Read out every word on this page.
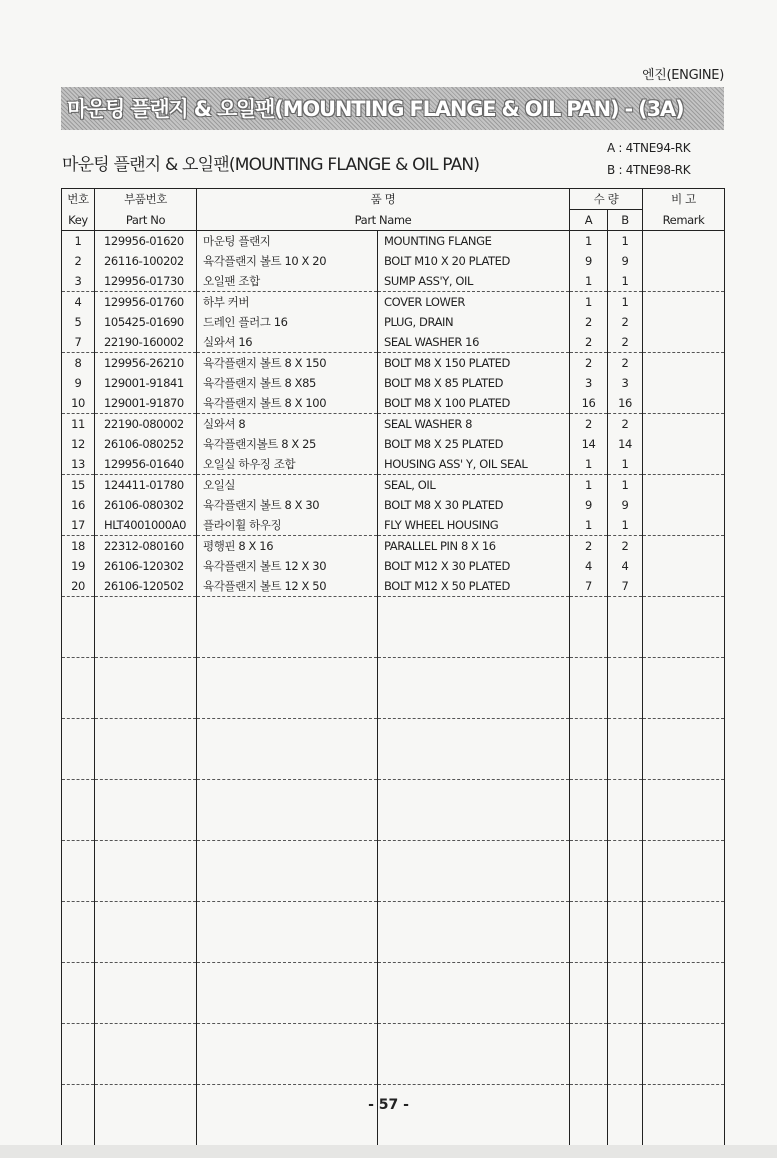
엔진(ENGINE)
마운팅 플랜지 & 오일팬(MOUNTING FLANGE & OIL PAN) - (3A)
마운팅 플랜지 & 오일팬(MOUNTING FLANGE & OIL PAN)
A : 4TNE94-RK
B : 4TNE98-RK
번호	부품번호	품 명		수 량		비 고
Key	Part No	Part Name		A	B	Remark
1	129956-01620	마운팅 플랜지	MOUNTING FLANGE	1	1	
2	26116-100202	육각플랜지 볼트 10 X 20	BOLT M10 X 20 PLATED	9	9	
3	129956-01730	오일팬 조합	SUMP ASS'Y, OIL	1	1	
4	129956-01760	하부 커버	COVER LOWER	1	1	
5	105425-01690	드레인 플러그 16	PLUG, DRAIN	2	2	
7	22190-160002	실와셔 16	SEAL WASHER 16	2	2	
8	129956-26210	육각플랜지 볼트 8 X 150	BOLT M8 X 150 PLATED	2	2	
9	129001-91841	육각플랜지 볼트 8 X85	BOLT M8 X 85 PLATED	3	3	
10	129001-91870	육각플랜지 볼트 8 X 100	BOLT M8 X 100 PLATED	16	16	
11	22190-080002	실와셔 8	SEAL WASHER 8	2	2	
12	26106-080252	육각플랜지볼트 8 X 25	BOLT M8 X 25 PLATED	14	14	
13	129956-01640	오일실 하우징 조합	HOUSING ASS' Y, OIL SEAL	1	1	
15	124411-01780	오일실	SEAL, OIL	1	1	
16	26106-080302	육각플랜지 볼트 8 X 30	BOLT M8 X 30 PLATED	9	9	
17	HLT4001000A0	플라이휠 하우징	FLY WHEEL HOUSING	1	1	
18	22312-080160	평행핀 8 X 16	PARALLEL PIN 8 X 16	2	2	
19	26106-120302	육각플랜지 볼트 12 X 30	BOLT M12 X 30 PLATED	4	4	
20	26106-120502	육각플랜지 볼트 12 X 50	BOLT M12 X 50 PLATED	7	7	

- 57 -
